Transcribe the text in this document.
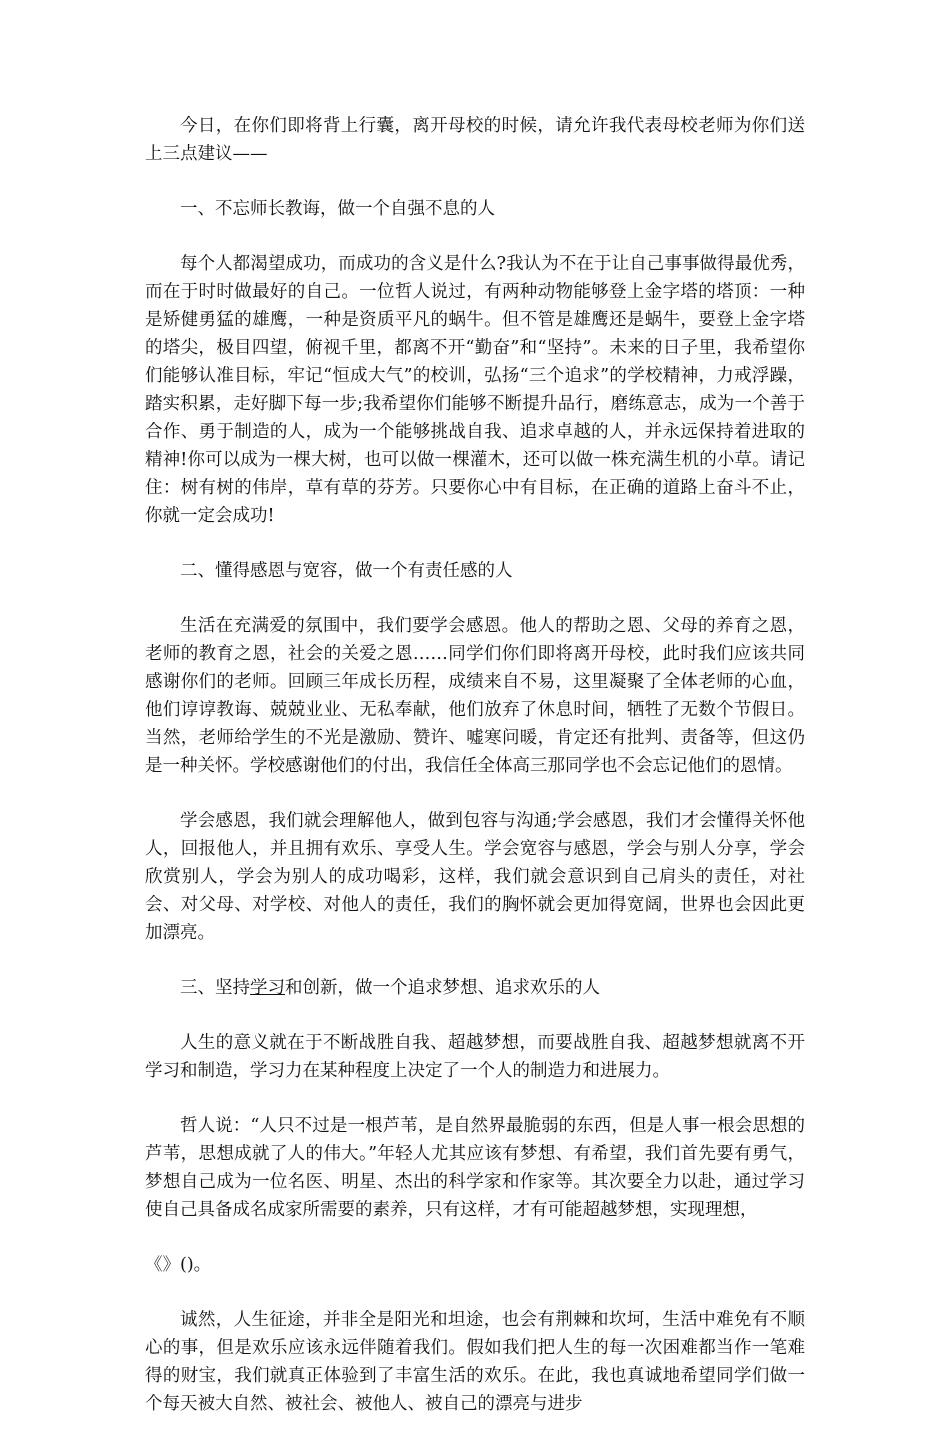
今日，在你们即将背上行囊，离开母校的时候，请允许我代表母校老师为你们送上三点建议——

一、不忘师长教诲，做一个自强不息的人

每个人都渴望成功，而成功的含义是什么?我认为不在于让自己事事做得最优秀，而在于时时做最好的自己。一位哲人说过，有两种动物能够登上金字塔的塔顶：一种是矫健勇猛的雄鹰，一种是资质平凡的蜗牛。但不管是雄鹰还是蜗牛，要登上金字塔的塔尖，极目四望，俯视千里，都离不开“勤奋”和“坚持”。未来的日子里，我希望你们能够认准目标，牢记“恒成大气”的校训，弘扬“三个追求”的学校精神，力戒浮躁，踏实积累，走好脚下每一步;我希望你们能够不断提升品行，磨练意志，成为一个善于合作、勇于制造的人，成为一个能够挑战自我、追求卓越的人，并永远保持着进取的精神!你可以成为一棵大树，也可以做一棵灌木，还可以做一株充满生机的小草。请记住：树有树的伟岸，草有草的芬芳。只要你心中有目标，在正确的道路上奋斗不止，你就一定会成功!

二、懂得感恩与宽容，做一个有责任感的人

生活在充满爱的氛围中，我们要学会感恩。他人的帮助之恩、父母的养育之恩，老师的教育之恩，社会的关爱之恩……同学们你们即将离开母校，此时我们应该共同感谢你们的老师。回顾三年成长历程，成绩来自不易，这里凝聚了全体老师的心血，他们谆谆教诲、兢兢业业、无私奉献，他们放弃了休息时间，牺牲了无数个节假日。当然，老师给学生的不光是激励、赞许、嘘寒问暖，肯定还有批判、责备等，但这仍是一种关怀。学校感谢他们的付出，我信任全体高三那同学也不会忘记他们的恩情。

学会感恩，我们就会理解他人，做到包容与沟通;学会感恩，我们才会懂得关怀他人，回报他人，并且拥有欢乐、享受人生。学会宽容与感恩，学会与别人分享，学会欣赏别人，学会为别人的成功喝彩，这样，我们就会意识到自己肩头的责任，对社会、对父母、对学校、对他人的责任，我们的胸怀就会更加得宽阔，世界也会因此更加漂亮。

三、坚持学习和创新，做一个追求梦想、追求欢乐的人

人生的意义就在于不断战胜自我、超越梦想，而要战胜自我、超越梦想就离不开学习和制造，学习力在某种程度上决定了一个人的制造力和进展力。

哲人说：“人只不过是一根芦苇，是自然界最脆弱的东西，但是人事一根会思想的芦苇，思想成就了人的伟大。”年轻人尤其应该有梦想、有希望，我们首先要有勇气，梦想自己成为一位名医、明星、杰出的科学家和作家等。其次要全力以赴，通过学习使自己具备成名成家所需要的素养，只有这样，才有可能超越梦想，实现理想，

《》()。

诚然，人生征途，并非全是阳光和坦途，也会有荆棘和坎坷，生活中难免有不顺心的事，但是欢乐应该永远伴随着我们。假如我们把人生的每一次困难都当作一笔难得的财宝，我们就真正体验到了丰富生活的欢乐。在此，我也真诚地希望同学们做一个每天被大自然、被社会、被他人、被自己的漂亮与进步
